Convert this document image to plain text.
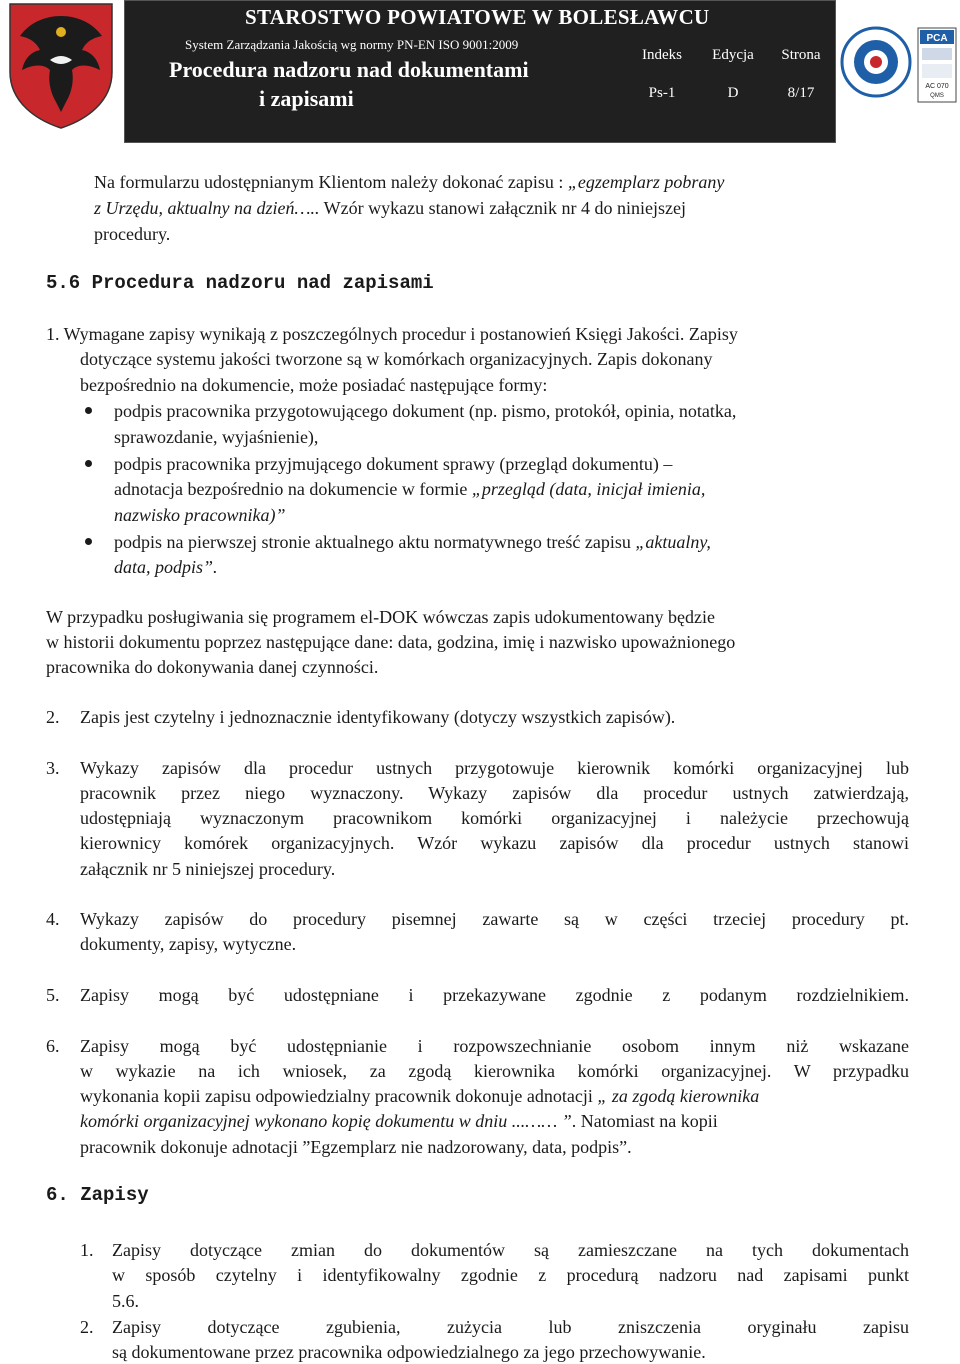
STAROSTWO POWIATOWE W BOLESŁAWCU
System Zarządzania Jakością wg normy PN-EN ISO 9001:2009
Procedura nadzoru nad dokumentami
i zapisami
Indeks	Edycja	Strona
Ps-1	D	8/17
PCA
AC 070
QMS
Na formularzu udostępnianym Klientom należy dokonać zapisu : „egzemplarz pobrany
z Urzędu, aktualny na dzień….. Wzór wykazu stanowi załącznik nr 4 do niniejszej
procedury.
5.6 Procedura nadzoru nad zapisami
1. Wymagane zapisy wynikają z poszczególnych procedur i postanowień Księgi Jakości. Zapisy
dotyczące systemu jakości tworzone są w komórkach organizacyjnych. Zapis dokonany
bezpośrednio na dokumencie, może posiadać następujące formy:
podpis pracownika przygotowującego dokument (np. pismo, protokół, opinia, notatka,
sprawozdanie, wyjaśnienie),
podpis pracownika przyjmującego dokument sprawy (przegląd dokumentu) –
adnotacja bezpośrednio na dokumencie w formie „przegląd (data, inicjał imienia,
nazwisko pracownika)”
podpis na pierwszej stronie aktualnego aktu normatywnego treść zapisu „aktualny,
data, podpis”.
W przypadku posługiwania się programem el-DOK wówczas zapis udokumentowany będzie
w historii dokumentu poprzez następujące dane: data, godzina, imię i nazwisko upoważnionego
pracownika do dokonywania danej czynności.
2. Zapis jest czytelny i jednoznacznie identyfikowany (dotyczy wszystkich zapisów).
3. Wykazy zapisów dla procedur ustnych przygotowuje kierownik komórki organizacyjnej lub
pracownik przez niego wyznaczony. Wykazy zapisów dla procedur ustnych zatwierdzają,
udostępniają wyznaczonym pracownikom komórki organizacyjnej i należycie przechowują
kierownicy komórek organizacyjnych. Wzór wykazu zapisów dla procedur ustnych stanowi
załącznik nr 5 niniejszej procedury.
4. Wykazy zapisów do procedury pisemnej zawarte są w części trzeciej procedury pt.
dokumenty, zapisy, wytyczne.
5. Zapisy mogą być udostępniane i przekazywane zgodnie z podanym rozdzielnikiem.
6. Zapisy mogą być udostępnianie i rozpowszechnianie osobom innym niż wskazane
w wykazie na ich wniosek, za zgodą kierownika komórki organizacyjnej. W przypadku
wykonania kopii zapisu odpowiedzialny pracownik dokonuje adnotacji „ za zgodą kierownika
komórki organizacyjnej wykonano kopię dokumentu w dniu ...…… ”. Natomiast na kopii
pracownik dokonuje adnotacji ”Egzemplarz nie nadzorowany, data, podpis”.
6. Zapisy
1. Zapisy dotyczące zmian do dokumentów są zamieszczane na tych dokumentach
w sposób czytelny i identyfikowalny zgodnie z procedurą nadzoru nad zapisami punkt
5.6.
2. Zapisy dotyczące zgubienia, zużycia lub zniszczenia oryginału zapisu
są dokumentowane przez pracownika odpowiedzialnego za jego przechowywanie.
